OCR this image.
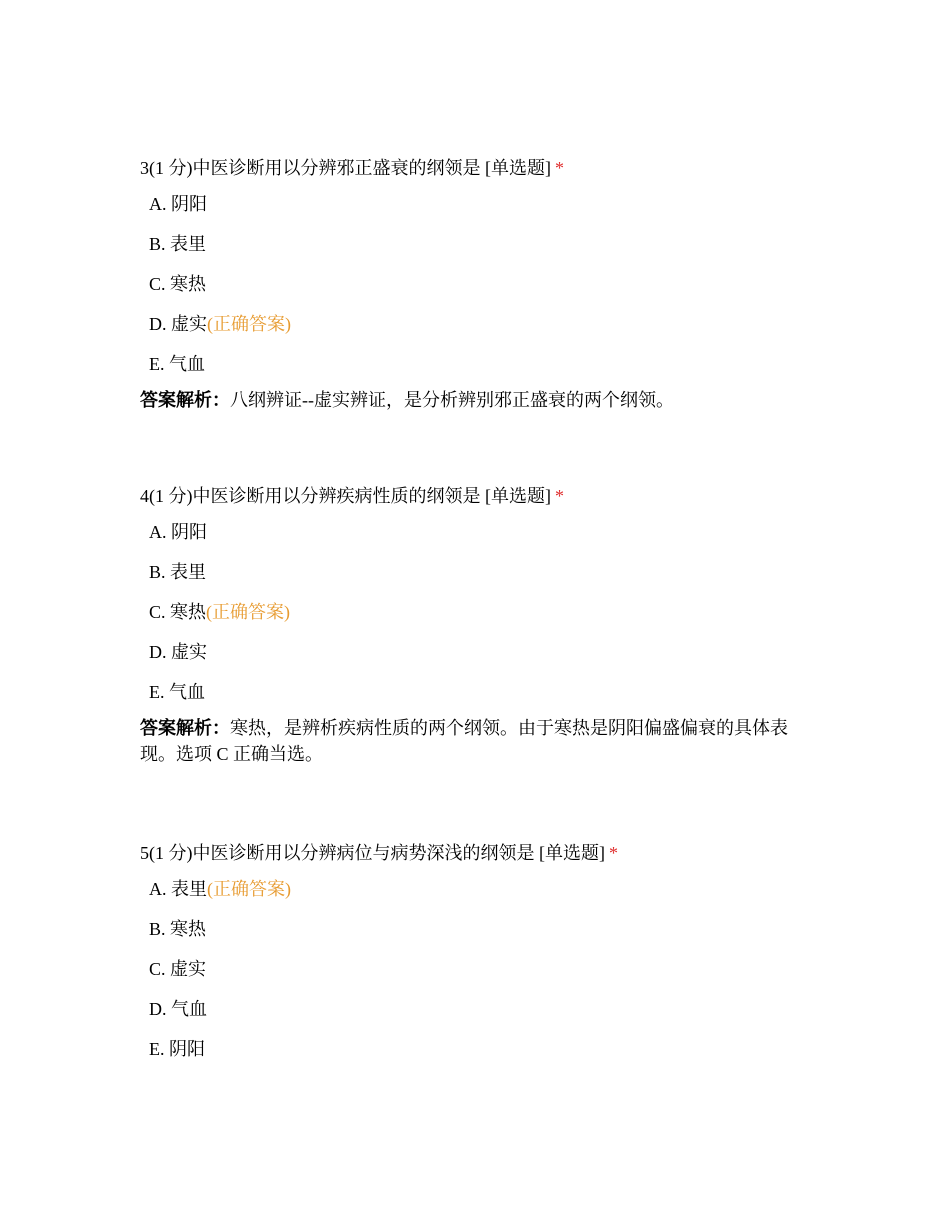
3(1 分)中医诊断用以分辨邪正盛衰的纲领是 [单选题] *
A. 阴阳
B. 表里
C. 寒热
D. 虚实(正确答案)
E. 气血

答案解析：八纲辨证--虚实辨证，是分析辨别邪正盛衰的两个纲领。

4(1 分)中医诊断用以分辨疾病性质的纲领是 [单选题] *
A. 阴阳
B. 表里
C. 寒热(正确答案)
D. 虚实
E. 气血

答案解析：寒热，是辨析疾病性质的两个纲领。由于寒热是阴阳偏盛偏衰的具体表现。选项 C 正确当选。

5(1 分)中医诊断用以分辨病位与病势深浅的纲领是 [单选题] *
A. 表里(正确答案)
B. 寒热
C. 虚实
D. 气血
E. 阴阳
